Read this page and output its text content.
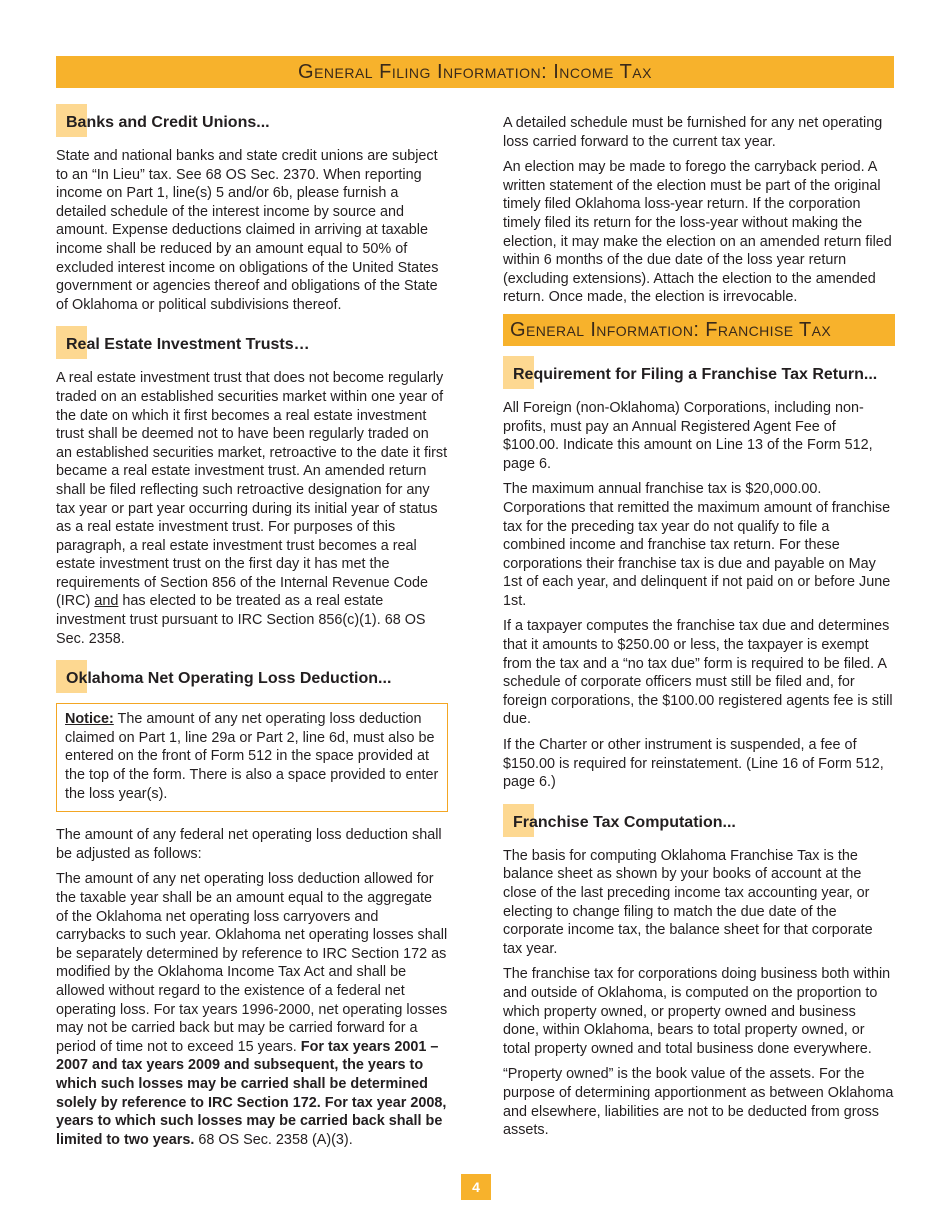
General Filing Information: Income Tax
Banks and Credit Unions...

State and national banks and state credit unions are subject to an “In Lieu” tax. See 68 OS Sec. 2370. When reporting income on Part 1, line(s) 5 and/or 6b, please furnish a detailed schedule of the interest income by source and amount. Expense deductions claimed in arriving at taxable income shall be reduced by an amount equal to 50% of excluded interest income on obligations of the United States government or agencies thereof and obligations of the State of Oklahoma or political subdivisions thereof.

Real Estate Investment Trusts…

A real estate investment trust that does not become regularly traded on an established securities market within one year of the date on which it first becomes a real estate investment trust shall be deemed not to have been regularly traded on an established securities market, retroactive to the date it first became a real estate investment trust. An amended return shall be filed reflecting such retroactive designation for any tax year or part year occurring during its initial year of status as a real estate investment trust. For purposes of this paragraph, a real estate investment trust becomes a real estate investment trust on the first day it has met the requirements of Section 856 of the Internal Revenue Code (IRC) and has elected to be treated as a real estate investment trust pursuant to IRC Section 856(c)(1). 68 OS Sec. 2358.

Oklahoma Net Operating Loss Deduction...
Notice: The amount of any net operating loss deduction claimed on Part 1, line 29a or Part 2, line 6d, must also be entered on the front of Form 512 in the space provided at the top of the form. There is also a space provided to enter the loss year(s).

The amount of any federal net operating loss deduction shall be adjusted as follows:

The amount of any net operating loss deduction allowed for the taxable year shall be an amount equal to the aggregate of the Oklahoma net operating loss carryovers and carrybacks to such year. Oklahoma net operating losses shall be separately determined by reference to IRC Section 172 as modified by the Oklahoma Income Tax Act and shall be allowed without regard to the existence of a federal net operating loss. For tax years 1996-2000, net operating losses may not be carried back but may be carried forward for a period of time not to exceed 15 years. For tax years 2001 – 2007 and tax years 2009 and subsequent, the years to which such losses may be carried shall be determined solely by reference to IRC Section 172. For tax year 2008, years to which such losses may be carried back shall be limited to two years. 68 OS Sec. 2358 (A)(3).

A detailed schedule must be furnished for any net operating loss carried forward to the current tax year.

An election may be made to forego the carryback period. A written statement of the election must be part of the original timely filed Oklahoma loss-year return. If the corporation timely filed its return for the loss-year without making the election, it may make the election on an amended return filed within 6 months of the due date of the loss year return (excluding extensions). Attach the election to the amended return. Once made, the election is irrevocable.

General Information: Franchise Tax
Requirement for Filing a Franchise Tax Return...

All Foreign (non-Oklahoma) Corporations, including non-profits, must pay an Annual Registered Agent Fee of $100.00. Indicate this amount on Line 13 of the Form 512, page 6.

The maximum annual franchise tax is $20,000.00. Corporations that remitted the maximum amount of franchise tax for the preceding tax year do not qualify to file a combined income and franchise tax return. For these corporations their franchise tax is due and payable on May 1st of each year, and delinquent if not paid on or before June 1st.

If a taxpayer computes the franchise tax due and determines that it amounts to $250.00 or less, the taxpayer is exempt from the tax and a “no tax due” form is required to be filed. A schedule of corporate officers must still be filed and, for foreign corporations, the $100.00 registered agents fee is still due.

If the Charter or other instrument is suspended, a fee of $150.00 is required for reinstatement. (Line 16 of Form 512, page 6.)

Franchise Tax Computation...

The basis for computing Oklahoma Franchise Tax is the balance sheet as shown by your books of account at the close of the last preceding income tax accounting year, or electing to change filing to match the due date of the corporate income tax, the balance sheet for that corporate tax year.

The franchise tax for corporations doing business both within and outside of Oklahoma, is computed on the proportion to which property owned, or property owned and business done, within Oklahoma, bears to total property owned, or total property owned and total business done everywhere.

“Property owned” is the book value of the assets. For the purpose of determining apportionment as between Oklahoma and elsewhere, liabilities are not to be deducted from gross assets.

4
